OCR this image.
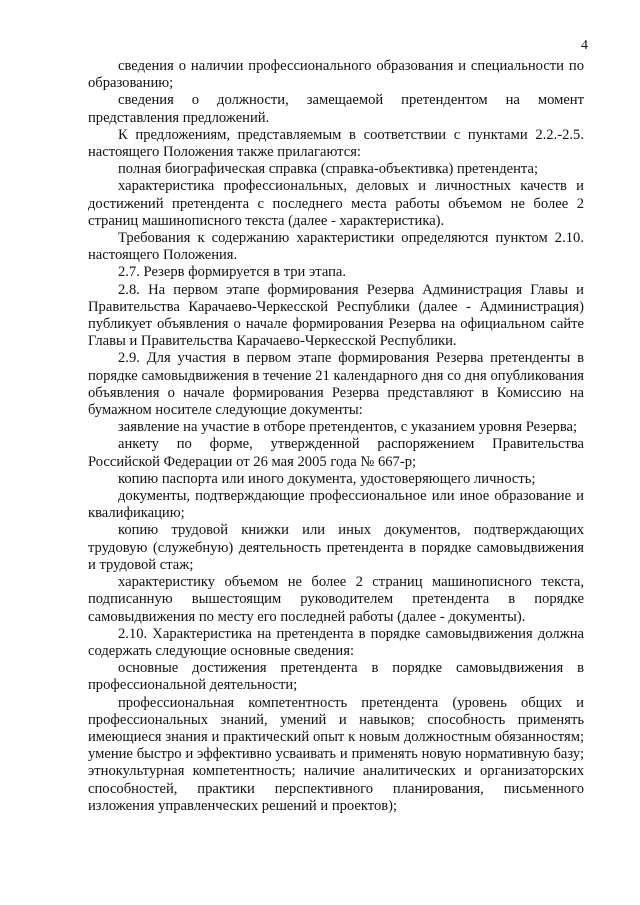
4

сведения о наличии профессионального образования и специальности по образованию;

сведения о должности, замещаемой претендентом на момент представления предложений.

К предложениям, представляемым в соответствии с пунктами 2.2.-2.5. настоящего Положения также прилагаются:

полная биографическая справка (справка-объективка) претендента;

характеристика профессиональных, деловых и личностных качеств и достижений претендента с последнего места работы объемом не более 2 страниц машинописного текста (далее - характеристика).

Требования к содержанию характеристики определяются пунктом 2.10. настоящего Положения.

2.7. Резерв формируется в три этапа.

2.8. На первом этапе формирования Резерва Администрация Главы и Правительства Карачаево-Черкесской Республики (далее - Администрация) публикует объявления о начале формирования Резерва на официальном сайте Главы и Правительства Карачаево-Черкесской Республики.

2.9. Для участия в первом этапе формирования Резерва претенденты в порядке самовыдвижения в течение 21 календарного дня со дня опубликования объявления о начале формирования Резерва представляют в Комиссию на бумажном носителе следующие документы:

заявление на участие в отборе претендентов, с указанием уровня Резерва;

анкету по форме, утвержденной распоряжением Правительства Российской Федерации от 26 мая 2005 года № 667-р;

копию паспорта или иного документа, удостоверяющего личность;

документы, подтверждающие профессиональное или иное образование и квалификацию;

копию трудовой книжки или иных документов, подтверждающих трудовую (служебную) деятельность претендента в порядке самовыдвижения и трудовой стаж;

характеристику объемом не более 2 страниц машинописного текста, подписанную вышестоящим руководителем претендента в порядке самовыдвижения по месту его последней работы (далее - документы).

2.10. Характеристика на претендента в порядке самовыдвижения должна содержать следующие основные сведения:

основные достижения претендента в порядке самовыдвижения в профессиональной деятельности;

профессиональная компетентность претендента (уровень общих и профессиональных знаний, умений и навыков; способность применять имеющиеся знания и практический опыт к новым должностным обязанностям; умение быстро и эффективно усваивать и применять новую нормативную базу; этнокультурная компетентность; наличие аналитических и организаторских способностей, практики перспективного планирования, письменного изложения управленческих решений и проектов);
